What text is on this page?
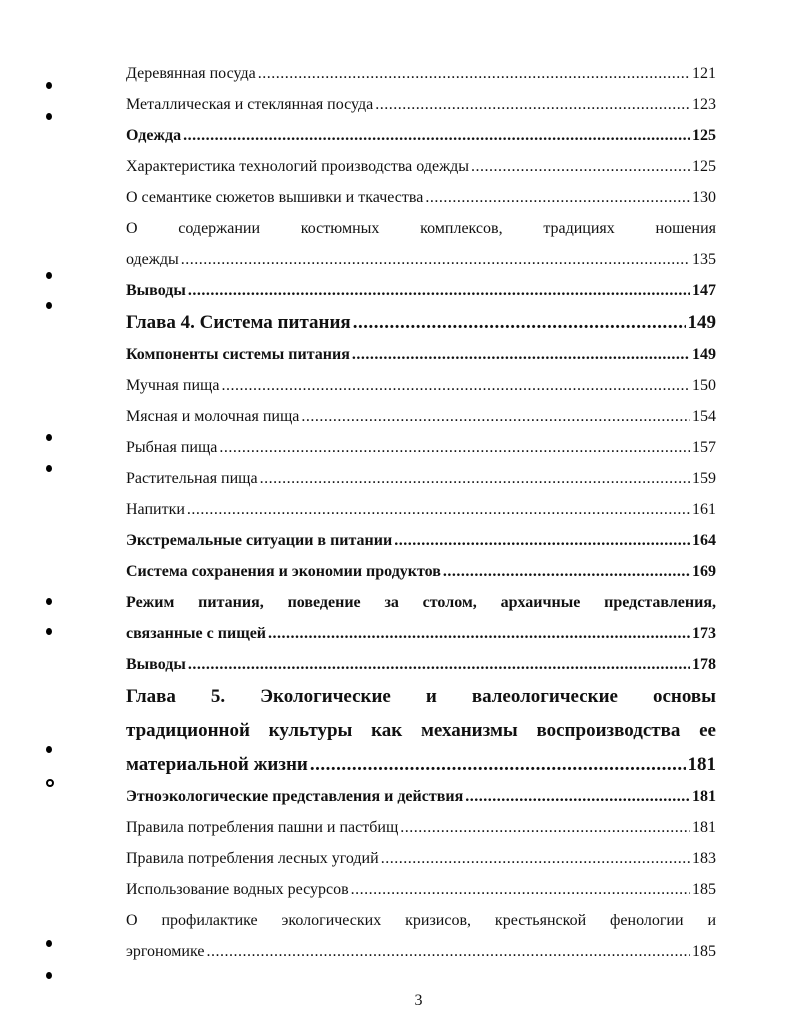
Деревянная посуда .....	121
Металлическая и стеклянная посуда .....	123
Одежда .....	125
Характеристика технологий производства одежды .....	125
О семантике сюжетов вышивки и ткачества .....	130
О содержании костюмных комплексов, традициях ношения
одежды .....	135
Выводы .....	147
Глава 4. Система питания .....	149
Компоненты системы питания .....	149
Мучная пища .....	150
Мясная и молочная пища .....	154
Рыбная пища .....	157
Растительная пища .....	159
Напитки .....	161
Экстремальные ситуации в питании .....	164
Система сохранения и экономии продуктов .....	169
Режим питания, поведение за столом, архаичные представления,
связанные с пищей .....	173
Выводы .....	178
Глава 5. Экологические и валеологические основы
традиционной культуры как механизмы воспроизводства ее
материальной жизни .....	181
Этноэкологические представления и действия .....	181
Правила потребления пашни и пастбищ .....	181
Правила потребления лесных угодий .....	183
Использование водных ресурсов .....	185
О профилактике экологических кризисов, крестьянской фенологии и
эргономике .....	185
3
